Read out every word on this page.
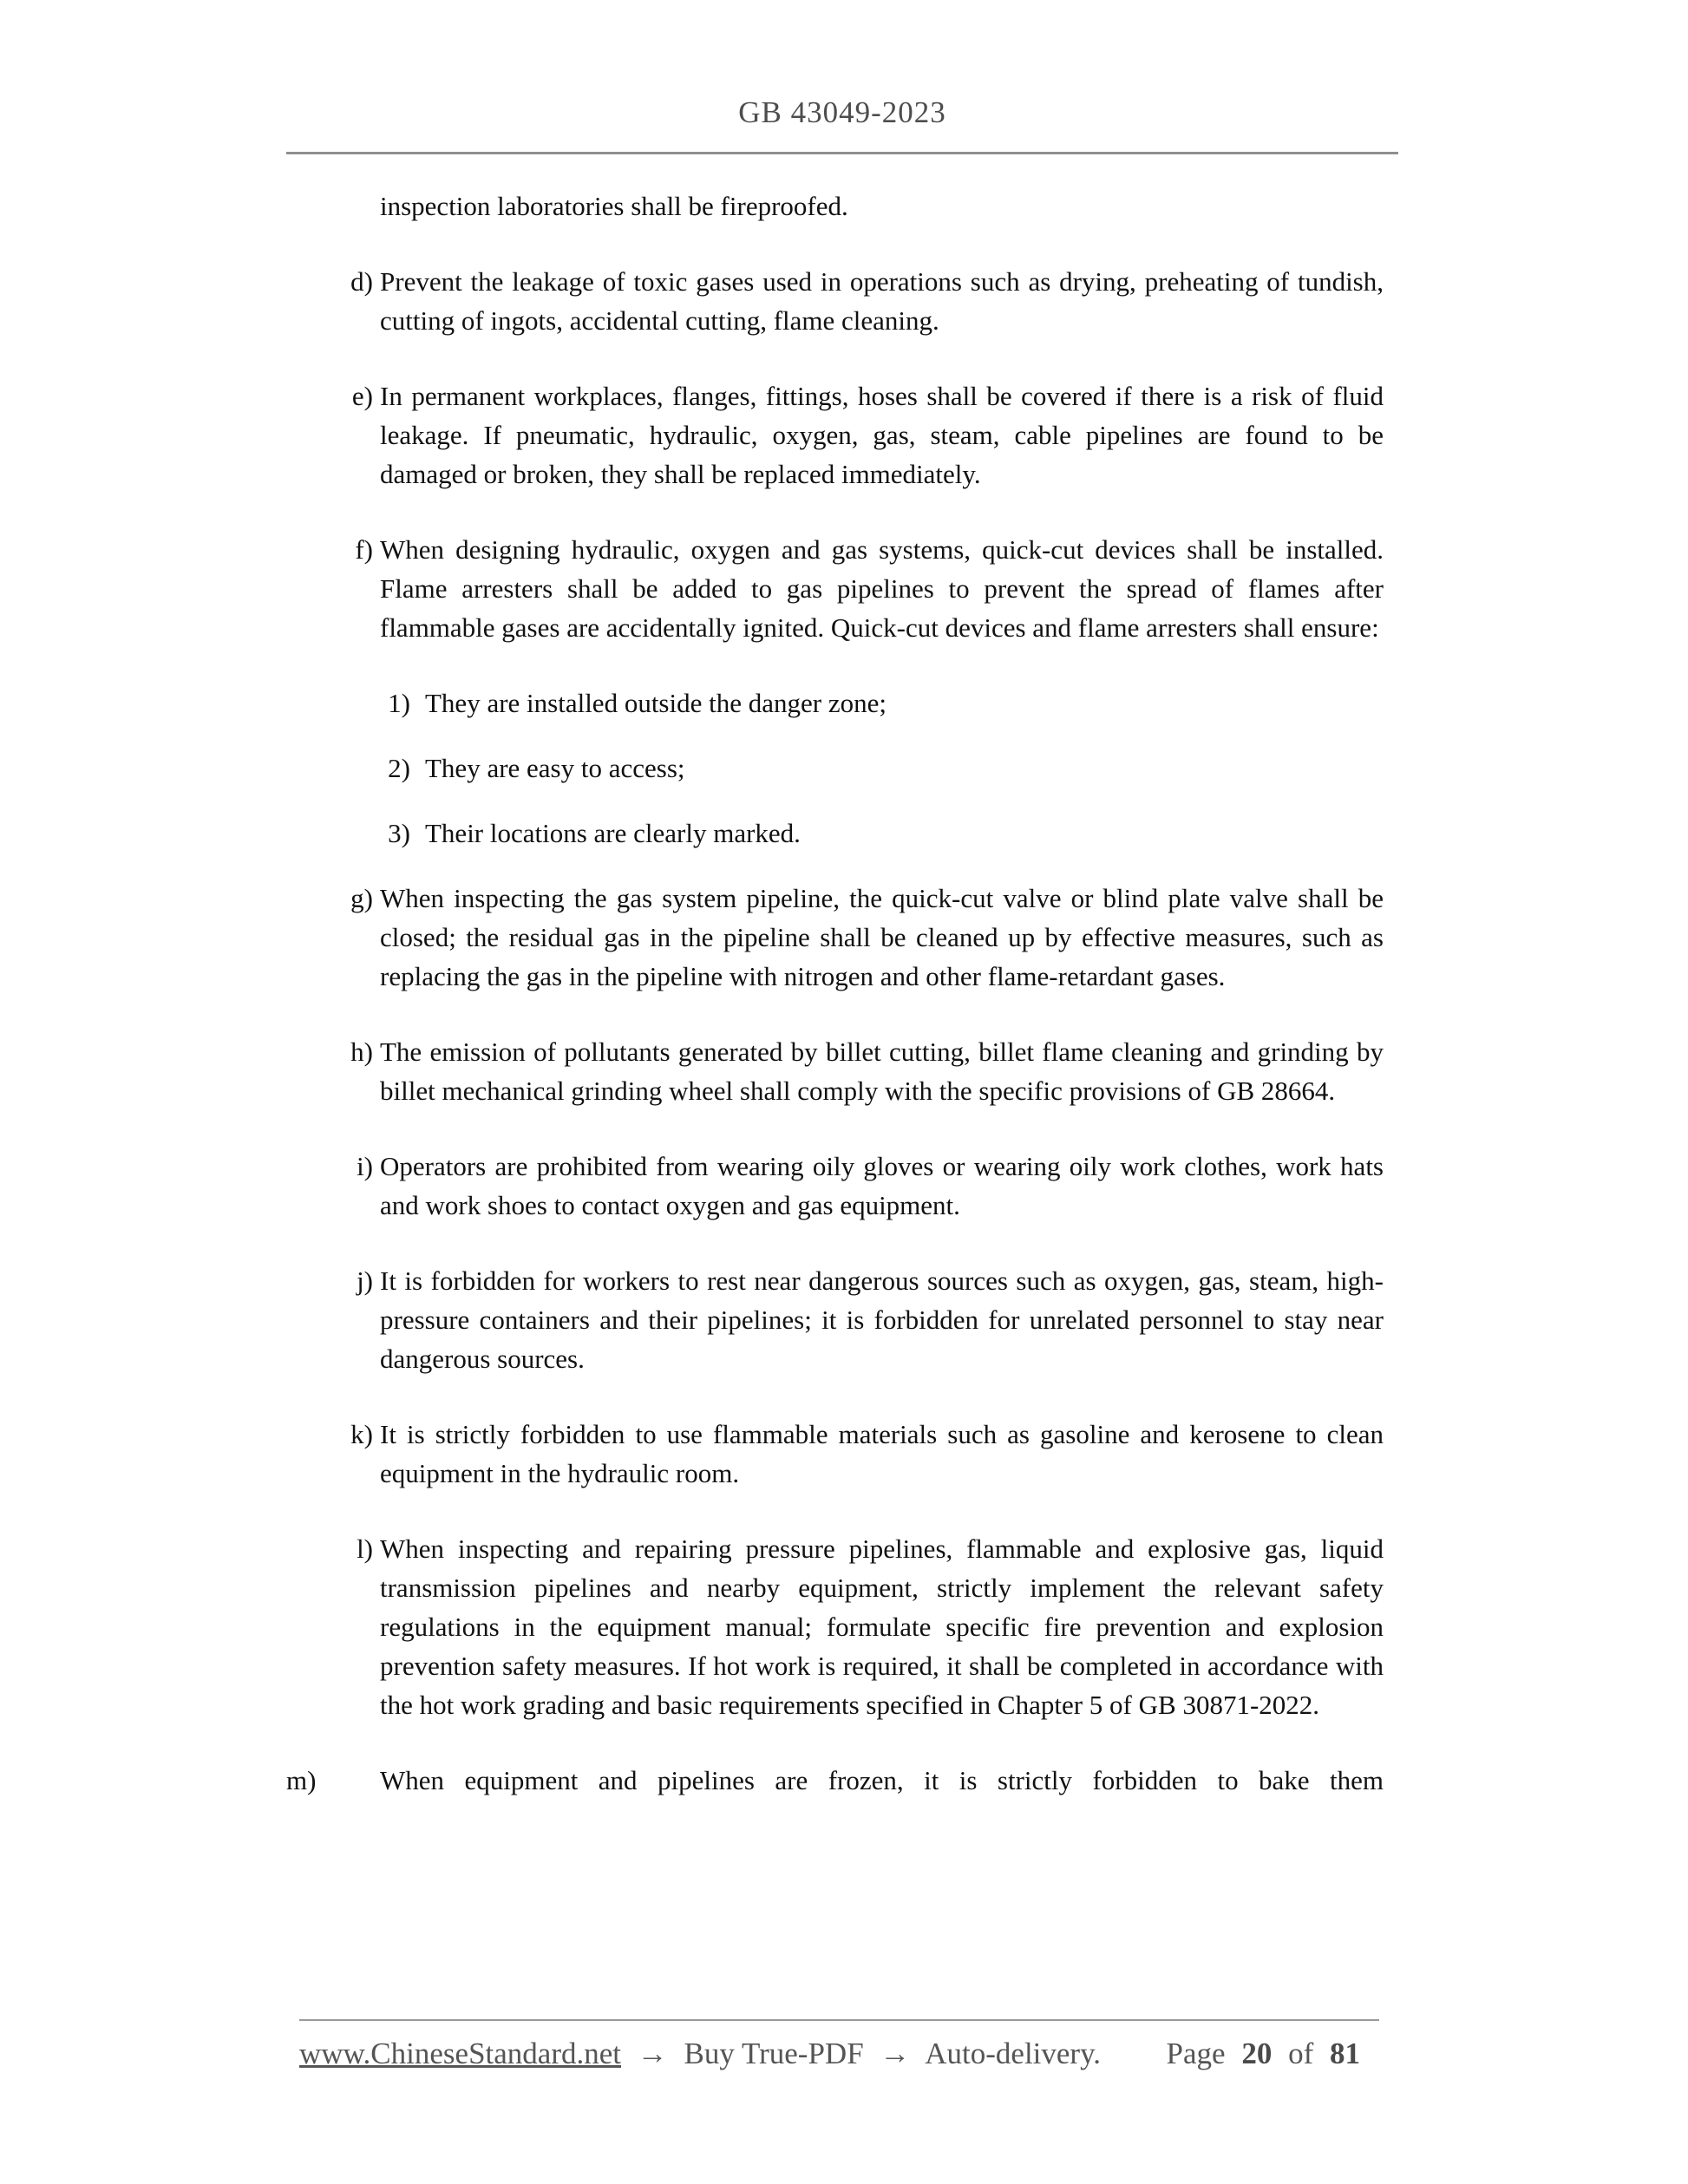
GB 43049-2023

inspection laboratories shall be fireproofed.

d) Prevent the leakage of toxic gases used in operations such as drying, preheating of tundish, cutting of ingots, accidental cutting, flame cleaning.

e) In permanent workplaces, flanges, fittings, hoses shall be covered if there is a risk of fluid leakage. If pneumatic, hydraulic, oxygen, gas, steam, cable pipelines are found to be damaged or broken, they shall be replaced immediately.

f) When designing hydraulic, oxygen and gas systems, quick-cut devices shall be installed. Flame arresters shall be added to gas pipelines to prevent the spread of flames after flammable gases are accidentally ignited. Quick-cut devices and flame arresters shall ensure:

1) They are installed outside the danger zone;

2) They are easy to access;

3) Their locations are clearly marked.

g) When inspecting the gas system pipeline, the quick-cut valve or blind plate valve shall be closed; the residual gas in the pipeline shall be cleaned up by effective measures, such as replacing the gas in the pipeline with nitrogen and other flame-retardant gases.

h) The emission of pollutants generated by billet cutting, billet flame cleaning and grinding by billet mechanical grinding wheel shall comply with the specific provisions of GB 28664.

i) Operators are prohibited from wearing oily gloves or wearing oily work clothes, work hats and work shoes to contact oxygen and gas equipment.

j) It is forbidden for workers to rest near dangerous sources such as oxygen, gas, steam, high-pressure containers and their pipelines; it is forbidden for unrelated personnel to stay near dangerous sources.

k) It is strictly forbidden to use flammable materials such as gasoline and kerosene to clean equipment in the hydraulic room.

l) When inspecting and repairing pressure pipelines, flammable and explosive gas, liquid transmission pipelines and nearby equipment, strictly implement the relevant safety regulations in the equipment manual; formulate specific fire prevention and explosion prevention safety measures. If hot work is required, it shall be completed in accordance with the hot work grading and basic requirements specified in Chapter 5 of GB 30871-2022.

m)	When equipment and pipelines are frozen, it is strictly forbidden to bake them

www.ChineseStandard.net → Buy True-PDF → Auto-delivery. Page 20 of 81
